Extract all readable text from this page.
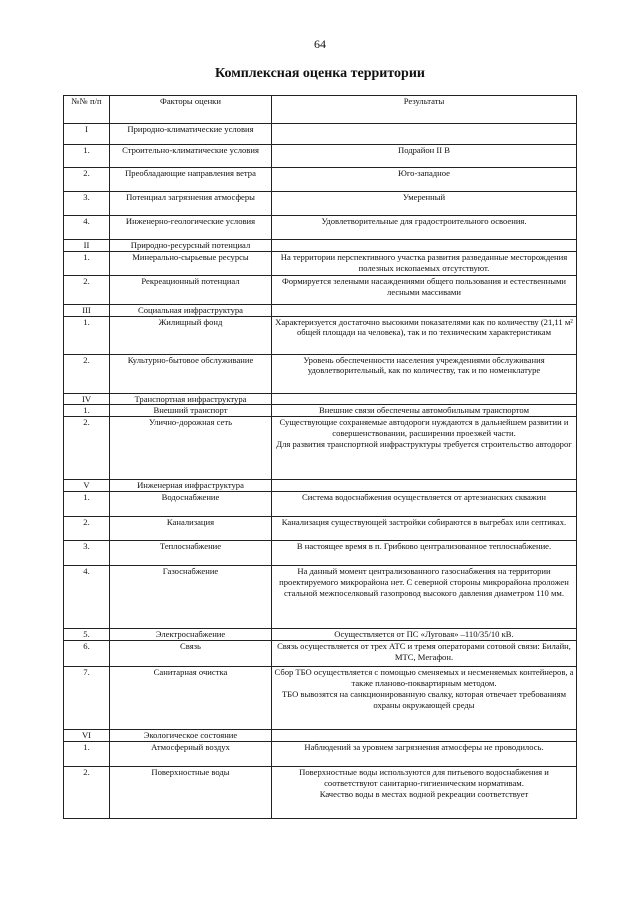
64
Комплексная оценка территории
№№ п/п	Факторы оценки	Результаты
I	Природно-климатические условия	
1.	Строительно-климатические условия	Подрайон II В
2.	Преобладающие направления ветра	Юго-западное
3.	Потенциал загрязнения атмосферы	Умеренный
4.	Инженерно-геологические условия	Удовлетворительные для градостроительного освоения.
II	Природно-ресурсный потенциал	
1.	Минерально-сырьевые ресурсы	На территории перспективного участка развития разведанные месторождения полезных ископаемых отсутствуют.
2.	Рекреационный потенциал	Формируется зелеными насаждениями общего пользования и естественными лесными массивами
III	Социальная инфраструктура	
1.	Жилищный фонд	Характеризуется достаточно высокими показателями как по количеству (21,11 м² общей площади на человека), так и по техническим характеристикам
2.	Культурно-бытовое обслуживание	Уровень обеспеченности населения учреждениями обслуживания удовлетворительный, как по количеству, так и по номенклатуре
IV	Транспортная инфраструктура	
1.	Внешний транспорт	Внешние связи обеспечены автомобильным транспортом
2.	Улично-дорожная сеть	Существующие сохраняемые автодороги нуждаются в дальнейшем развитии и совершенствовании, расширении проезжей части.
Для развития транспортной инфраструктуры требуется строительство автодорог
V	Инженерная инфраструктура	
1.	Водоснабжение	Система водоснабжения осуществляется от артезианских скважин
2.	Канализация	Канализация существующей застройки собираются в выгребах или септиках.
3.	Теплоснабжение	В настоящее время в п. Грибково централизованное теплоснабжение.
4.	Газоснабжение	На данный момент централизованного газоснабжения на территории проектируемого микрорайона нет. С северной стороны микрорайона проложен стальной межпоселковый газопровод высокого давления диаметром 110 мм.
5.	Электроснабжение	Осуществляется от ПС «Луговая» –110/35/10 кВ.
6.	Связь	Связь осуществляется от трех АТС и тремя операторами сотовой связи: Билайн, МТС, Мегафон.
7.	Санитарная очистка	Сбор ТБО осуществляется с помощью сменяемых и несменяемых контейнеров, а также планово-поквартирным методом.
ТБО вывозятся на санкционированную свалку, которая отвечает требованиям охраны окружающей среды
VI	Экологическое состояние	
1.	Атмосферный воздух	Наблюдений за уровнем загрязнения атмосферы не проводилось.
2.	Поверхностные воды	Поверхностные воды используются для питьевого водоснабжения и соответствуют санитарно-гигиеническим нормативам.
Качество воды в местах водной рекреации соответствует
